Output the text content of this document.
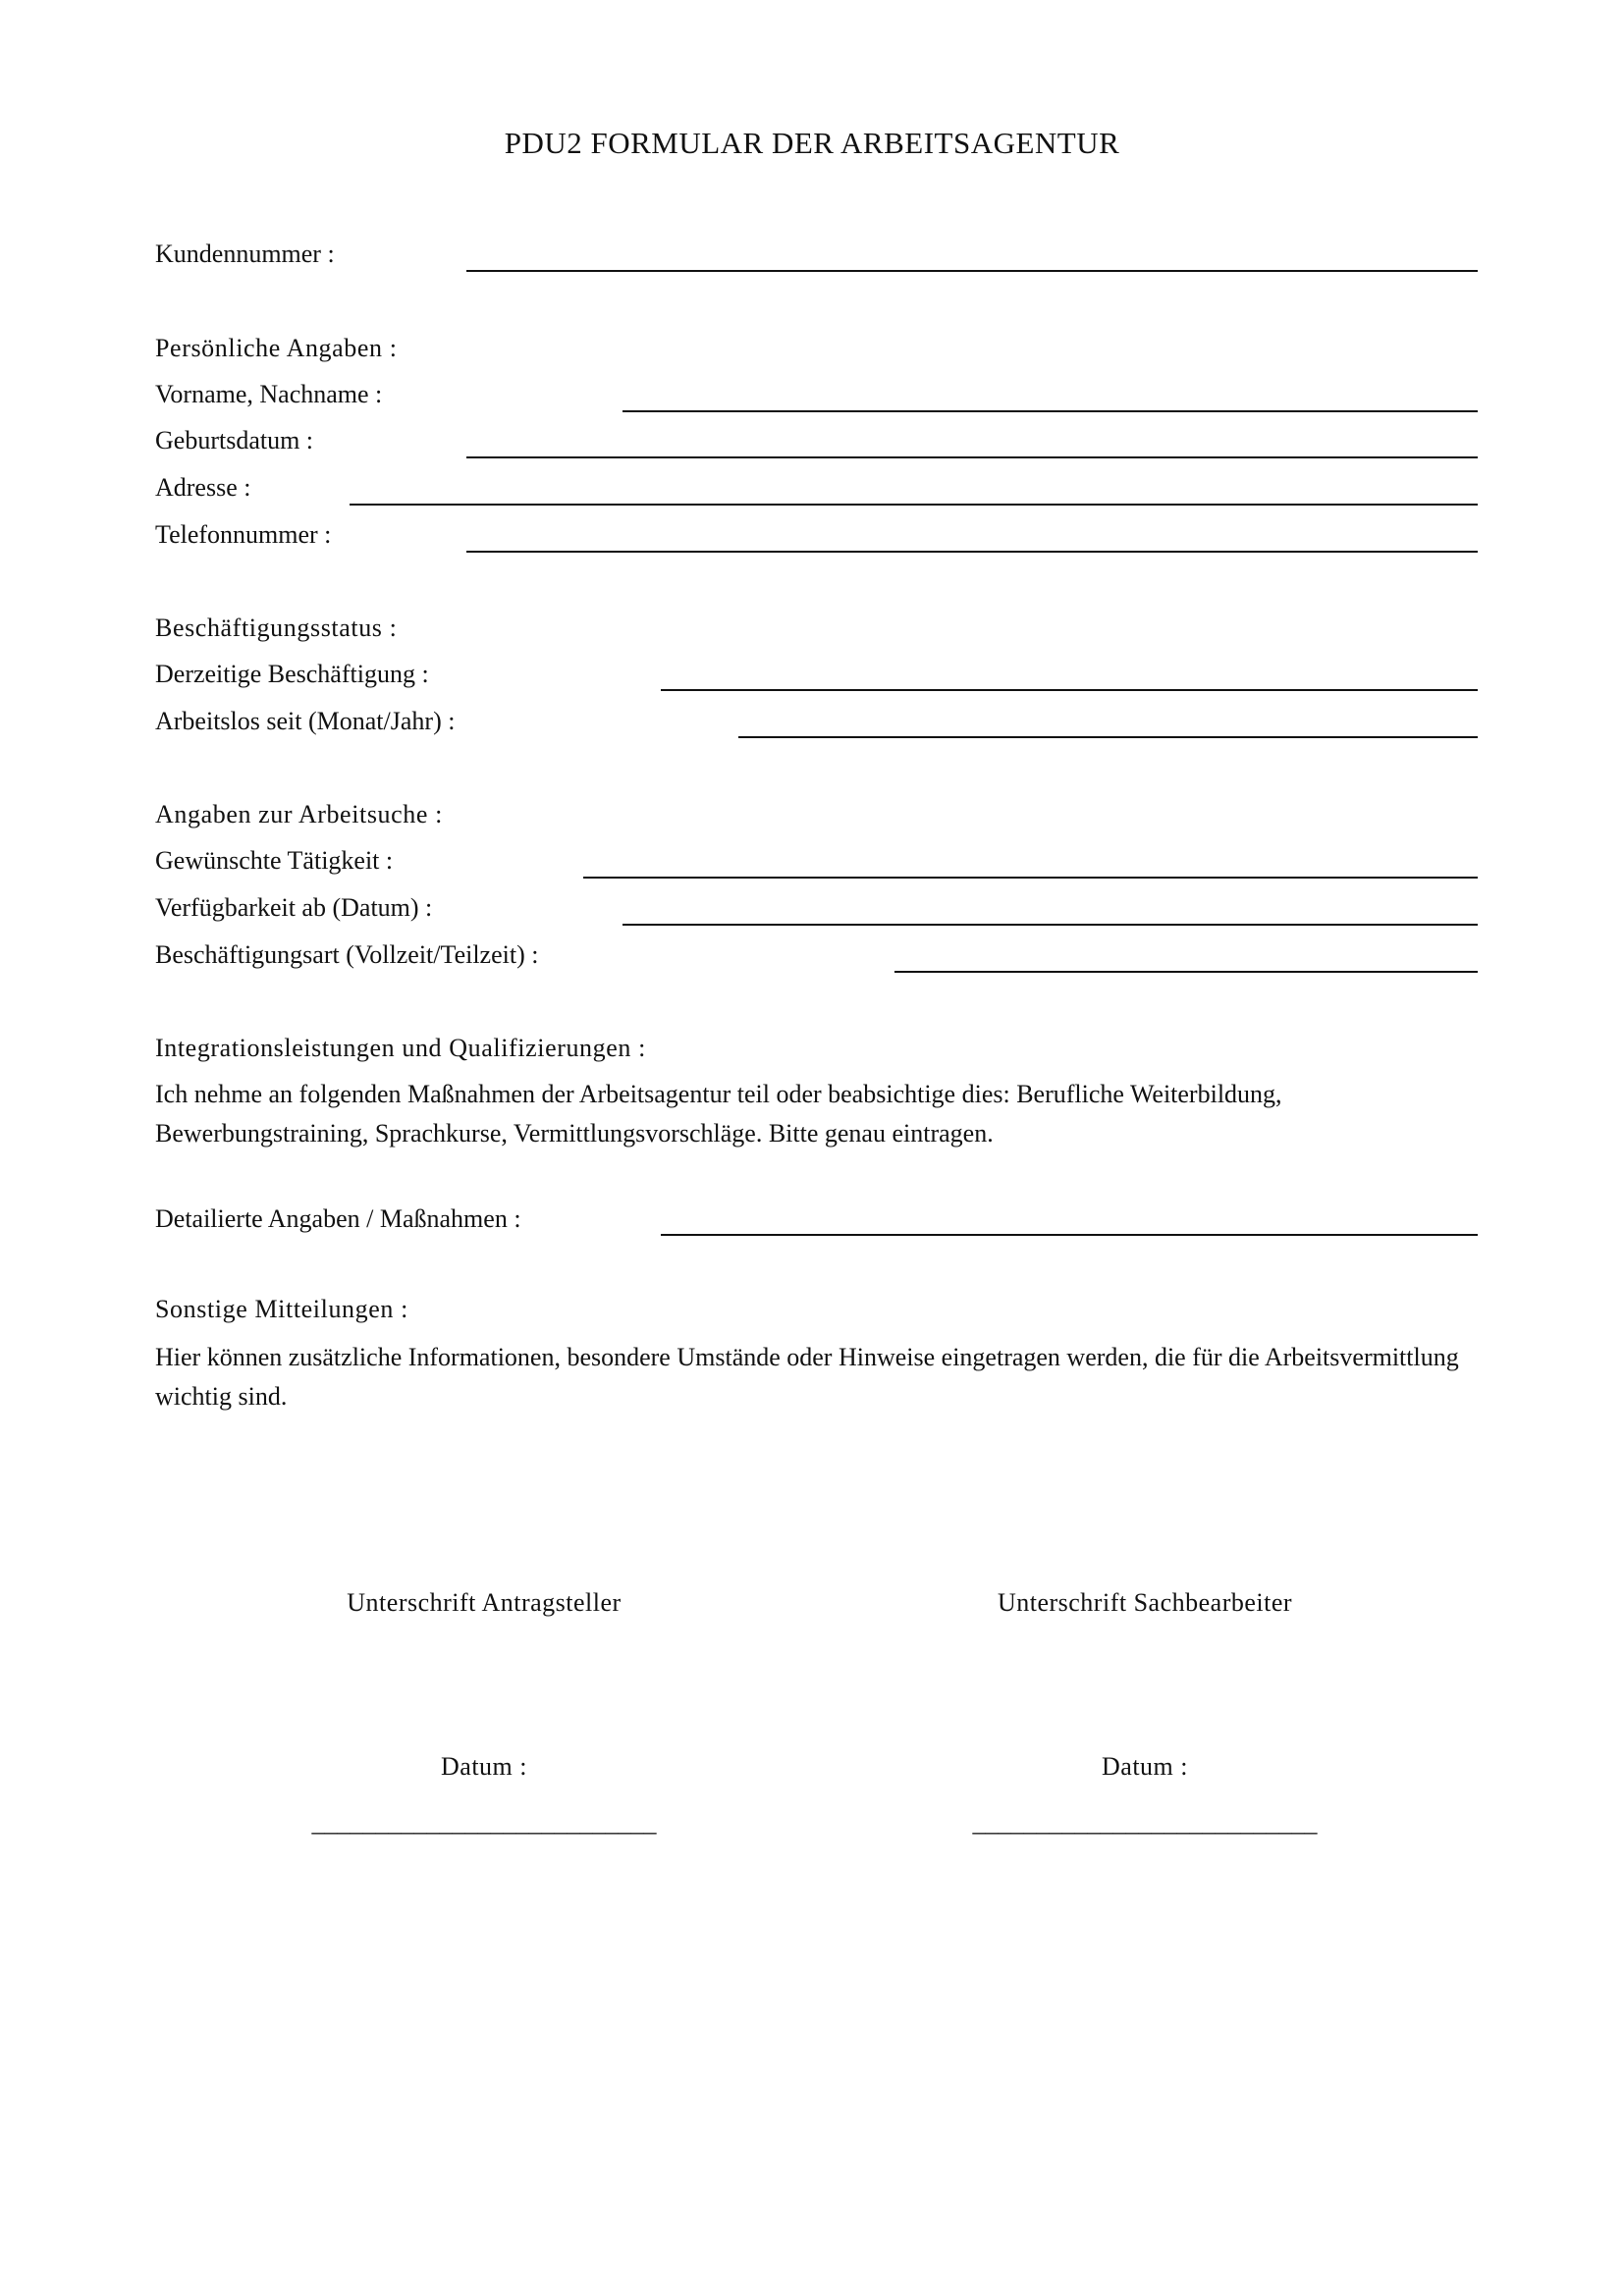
PDU2 FORMULAR DER ARBEITSAGENTUR
Kundennummer :
Persönliche Angaben :
Vorname, Nachname :
Geburtsdatum :
Adresse :
Telefonnummer :
Beschäftigungsstatus :
Derzeitige Beschäftigung :
Arbeitslos seit (Monat/Jahr) :
Angaben zur Arbeitsuche :
Gewünschte Tätigkeit :
Verfügbarkeit ab (Datum) :
Beschäftigungsart (Vollzeit/Teilzeit) :
Integrationsleistungen und Qualifizierungen :
Ich nehme an folgenden Maßnahmen der Arbeitsagentur teil oder beabsichtige dies: Berufliche Weiterbildung, Bewerbungstraining, Sprachkurse, Vermittlungsvorschläge. Bitte genau eintragen.
Detailierte Angaben / Maßnahmen :
Sonstige Mitteilungen :
Hier können zusätzliche Informationen, besondere Umstände oder Hinweise eingetragen werden, die für die Arbeitsvermittlung wichtig sind.
Unterschrift Antragsteller	Unterschrift Sachbearbeiter
Datum :	Datum :
___________________________	___________________________
